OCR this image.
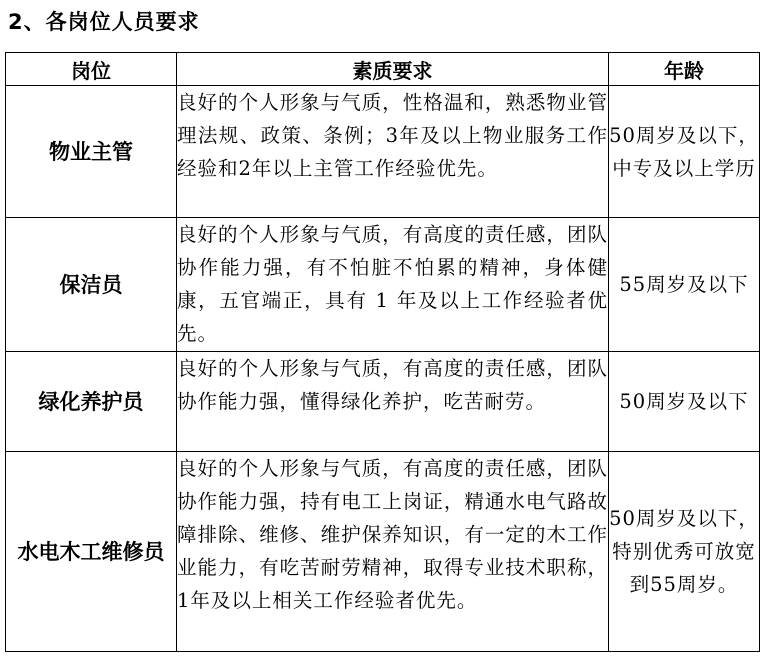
2、各岗位人员要求
岗位	素质要求	年龄
物业主管	良好的个人形象与气质，性格温和，熟悉物业管理法规、政策、条例；3年及以上物业服务工作经验和2年以上主管工作经验优先。	50周岁及以下，中专及以上学历
保洁员	良好的个人形象与气质，有高度的责任感，团队协作能力强，有不怕脏不怕累的精神，身体健康，五官端正，具有 1 年及以上工作经验者优先。	55周岁及以下
绿化养护员	良好的个人形象与气质，有高度的责任感，团队协作能力强，懂得绿化养护，吃苦耐劳。	50周岁及以下
水电木工维修员	良好的个人形象与气质，有高度的责任感，团队协作能力强，持有电工上岗证，精通水电气路故障排除、维修、维护保养知识，有一定的木工作业能力，有吃苦耐劳精神，取得专业技术职称，1年及以上相关工作经验者优先。	50周岁及以下，特别优秀可放宽到55周岁。
